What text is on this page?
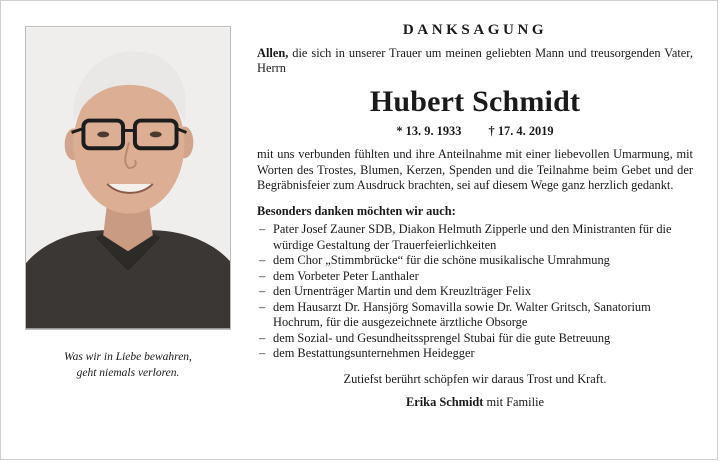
Was wir in Liebe bewahren,
geht niemals verloren.
DANKSAGUNG

Allen, die sich in unserer Trauer um meinen geliebten Mann und treusorgenden Vater, Herrn

Hubert Schmidt
* 13. 9. 1933 † 17. 4. 2019

mit uns verbunden fühlten und ihre Anteilnahme mit einer liebevollen Umarmung, mit Worten des Trostes, Blumen, Kerzen, Spenden und die Teilnahme beim Gebet und der Begräbnisfeier zum Ausdruck brachten, sei auf diesem Wege ganz herzlich gedankt.

Besonders danken möchten wir auch:
– Pater Josef Zauner SDB, Diakon Helmuth Zipperle und den Ministranten für die würdige Gestaltung der Trauerfeierlichkeiten
– dem Chor „Stimmbrücke“ für die schöne musikalische Umrahmung
– dem Vorbeter Peter Lanthaler
– den Urnenträger Martin und dem Kreuzlträger Felix
– dem Hausarzt Dr. Hansjörg Somavilla sowie Dr. Walter Gritsch, Sanatorium Hochrum, für die ausgezeichnete ärztliche Obsorge
– dem Sozial- und Gesundheitssprengel Stubai für die gute Betreuung
– dem Bestattungsunternehmen Heidegger

Zutiefst berührt schöpfen wir daraus Trost und Kraft.

Erika Schmidt mit Familie
